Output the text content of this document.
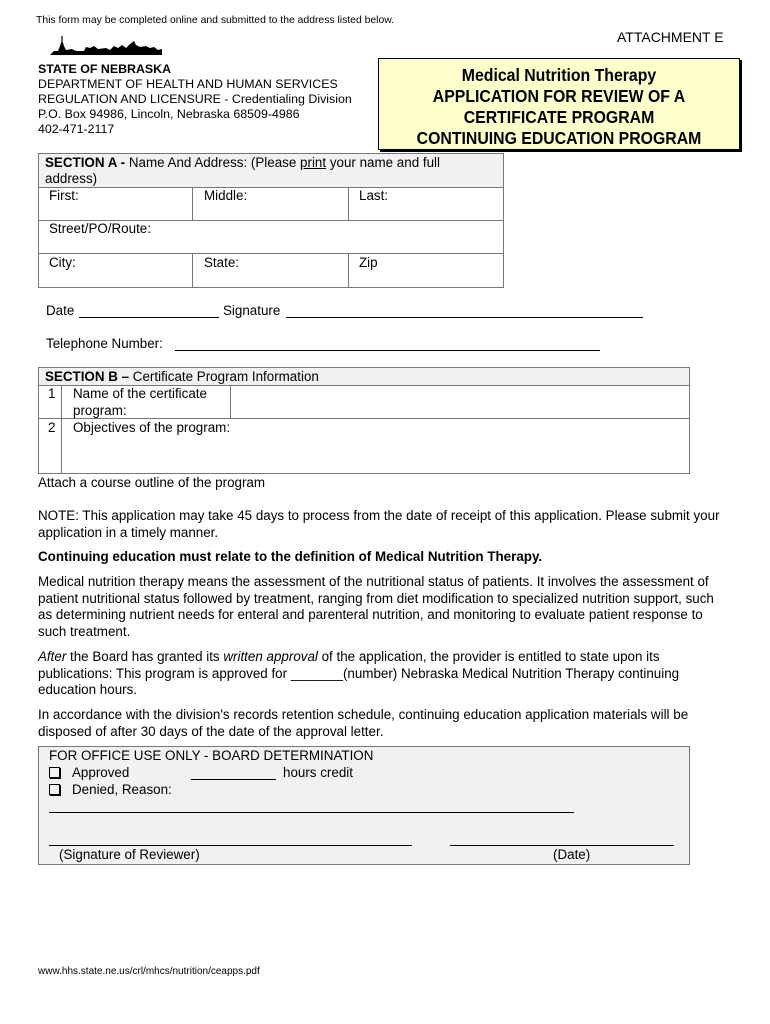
This form may be completed online and submitted to the address listed below.
ATTACHMENT E
STATE OF NEBRASKA
DEPARTMENT OF HEALTH AND HUMAN SERVICES
REGULATION AND LICENSURE - Credentialing Division
P.O. Box 94986, Lincoln, Nebraska 68509-4986
402-471-2117
Medical Nutrition Therapy
APPLICATION FOR REVIEW OF A
CERTIFICATE PROGRAM
CONTINUING EDUCATION PROGRAM
SECTION A - Name And Address: (Please print your name and full
address)
First:	Middle:	Last:
Street/PO/Route:
City:	State:	Zip
Date	Signature
Telephone Number:
SECTION B – Certificate Program Information
1 Name of the certificate
program:
2 Objectives of the program:
Attach a course outline of the program
NOTE: This application may take 45 days to process from the date of receipt of this application. Please submit your application in a timely manner.
Continuing education must relate to the definition of Medical Nutrition Therapy.
Medical nutrition therapy means the assessment of the nutritional status of patients. It involves the assessment of patient nutritional status followed by treatment, ranging from diet modification to specialized nutrition support, such as determining nutrient needs for enteral and parenteral nutrition, and monitoring to evaluate patient response to such treatment.
After the Board has granted its written approval of the application, the provider is entitled to state upon its publications: This program is approved for _______(number) Nebraska Medical Nutrition Therapy continuing education hours.
In accordance with the division's records retention schedule, continuing education application materials will be disposed of after 30 days of the date of the approval letter.
FOR OFFICE USE ONLY - BOARD DETERMINATION
Approved	hours credit
Denied, Reason:
(Signature of Reviewer)	(Date)
www.hhs.state.ne.us/crl/mhcs/nutrition/ceapps.pdf
